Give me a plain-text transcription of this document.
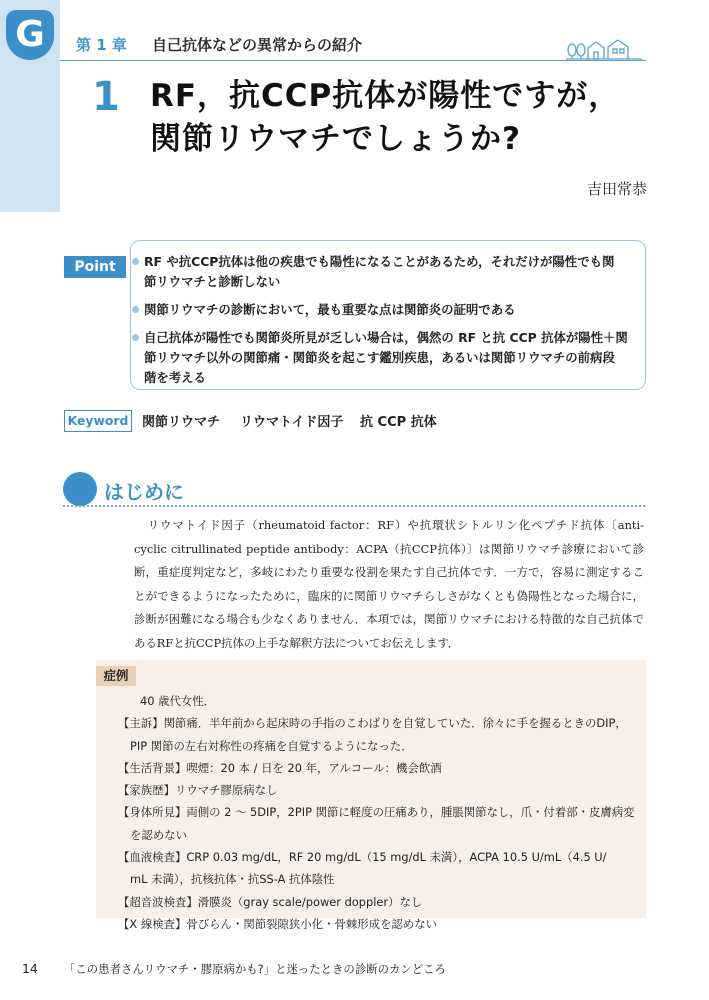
G	第 1 章 自己抗体などの異常からの紹介
1 RF，抗CCP抗体が陽性ですが，
関節リウマチでしょうか?
吉田常恭
Point	RF や抗CCP抗体は他の疾患でも陽性になることがあるため，それだけが陽性でも関
節リウマチと診断しない
関節リウマチの診断において，最も重要な点は関節炎の証明である
自己抗体が陽性でも関節炎所見が乏しい場合は，偶然の RF と抗 CCP 抗体が陽性＋関
節リウマチ以外の関節痛・関節炎を起こす鑑別疾患，あるいは関節リウマチの前病段
階を考える
Keyword 関節リウマチ リウマトイド因子 抗 CCP 抗体
はじめに
リウマトイド因子（rheumatoid factor：RF）や抗環状シトルリン化ペプチド抗体〔anti-cyclic citrullinated peptide antibody：ACPA（抗CCP抗体）〕は関節リウマチ診療において診断，重症度判定など，多岐にわたり重要な役割を果たす自己抗体です．一方で，容易に測定することができるようになったために，臨床的に関節リウマチらしさがなくとも偽陽性となった場合に，診断が困難になる場合も少なくありません．本項では，関節リウマチにおける特徴的な自己抗体であるRFと抗CCP抗体の上手な解釈方法についてお伝えします．
症例
40 歳代女性．
【主訴】関節痛．半年前から起床時の手指のこわばりを自覚していた．徐々に手を握るときのDIP，
PIP 関節の左右対称性の疼痛を自覚するようになった．
【生活背景】喫煙：20 本 / 日を 20 年，アルコール：機会飲酒
【家族歴】リウマチ膠原病なし
【身体所見】両側の 2 ～ 5DIP，2PIP 関節に軽度の圧痛あり，腫脹関節なし，爪・付着部・皮膚病変
を認めない
【血液検査】CRP 0.03 mg/dL，RF 20 mg/dL（15 mg/dL 未満），ACPA 10.5 U/mL（4.5 U/
mL 未満），抗核抗体・抗SS-A 抗体陰性
【超音波検査】滑膜炎（gray scale/power doppler）なし
【X 線検査】骨びらん・関節裂隙狭小化・骨棘形成を認めない
14 「この患者さんリウマチ・膠原病かも?」と迷ったときの診断のカンどころ
